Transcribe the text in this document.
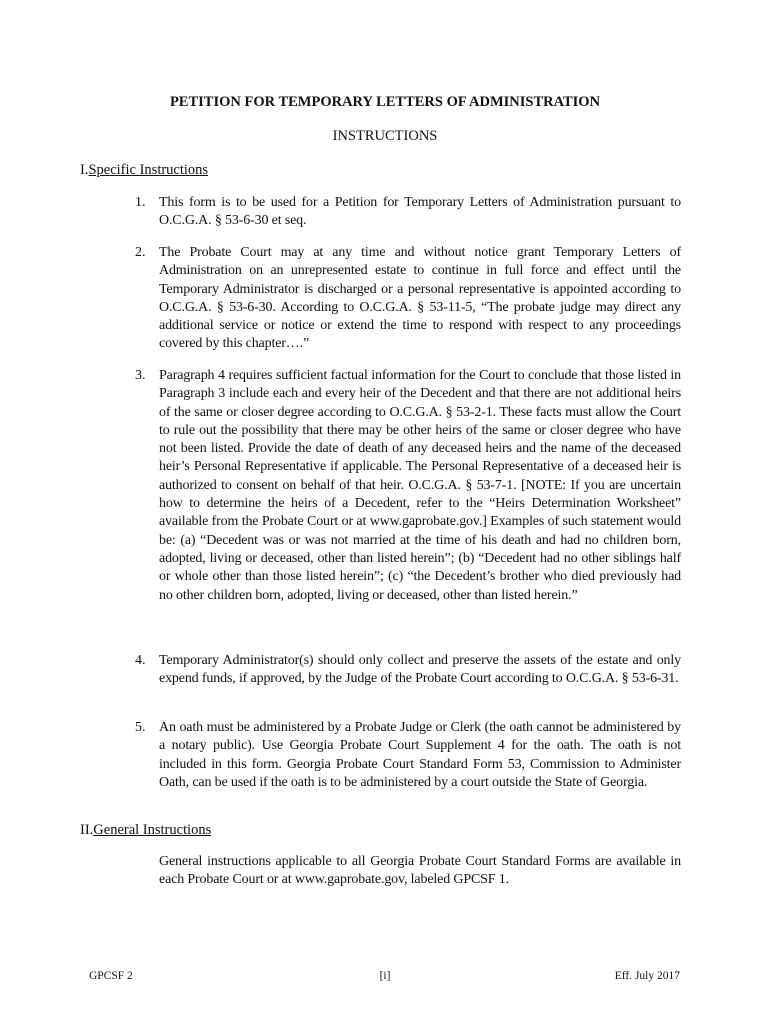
PETITION FOR TEMPORARY LETTERS OF ADMINISTRATION
INSTRUCTIONS
I.Specific Instructions
1. This form is to be used for a Petition for Temporary Letters of Administration pursuant to O.C.G.A. § 53-6-30 et seq.
2. The Probate Court may at any time and without notice grant Temporary Letters of Administration on an unrepresented estate to continue in full force and effect until the Temporary Administrator is discharged or a personal representative is appointed according to O.C.G.A. § 53-6-30. According to O.C.G.A. § 53-11-5, “The probate judge may direct any additional service or notice or extend the time to respond with respect to any proceedings covered by this chapter….”
3. Paragraph 4 requires sufficient factual information for the Court to conclude that those listed in Paragraph 3 include each and every heir of the Decedent and that there are not additional heirs of the same or closer degree according to O.C.G.A. § 53-2-1. These facts must allow the Court to rule out the possibility that there may be other heirs of the same or closer degree who have not been listed. Provide the date of death of any deceased heirs and the name of the deceased heir’s Personal Representative if applicable. The Personal Representative of a deceased heir is authorized to consent on behalf of that heir. O.C.G.A. § 53-7-1. [NOTE: If you are uncertain how to determine the heirs of a Decedent, refer to the “Heirs Determination Worksheet” available from the Probate Court or at www.gaprobate.gov.] Examples of such statement would be: (a) “Decedent was or was not married at the time of his death and had no children born, adopted, living or deceased, other than listed herein”; (b) “Decedent had no other siblings half or whole other than those listed herein”; (c) “the Decedent’s brother who died previously had no other children born, adopted, living or deceased, other than listed herein.”
4. Temporary Administrator(s) should only collect and preserve the assets of the estate and only expend funds, if approved, by the Judge of the Probate Court according to O.C.G.A. § 53-6-31.
5. An oath must be administered by a Probate Judge or Clerk (the oath cannot be administered by a notary public). Use Georgia Probate Court Supplement 4 for the oath. The oath is not included in this form. Georgia Probate Court Standard Form 53, Commission to Administer Oath, can be used if the oath is to be administered by a court outside the State of Georgia.
II.General Instructions
General instructions applicable to all Georgia Probate Court Standard Forms are available in each Probate Court or at www.gaprobate.gov, labeled GPCSF 1.
GPCSF 2	[i]	Eff. July 2017
